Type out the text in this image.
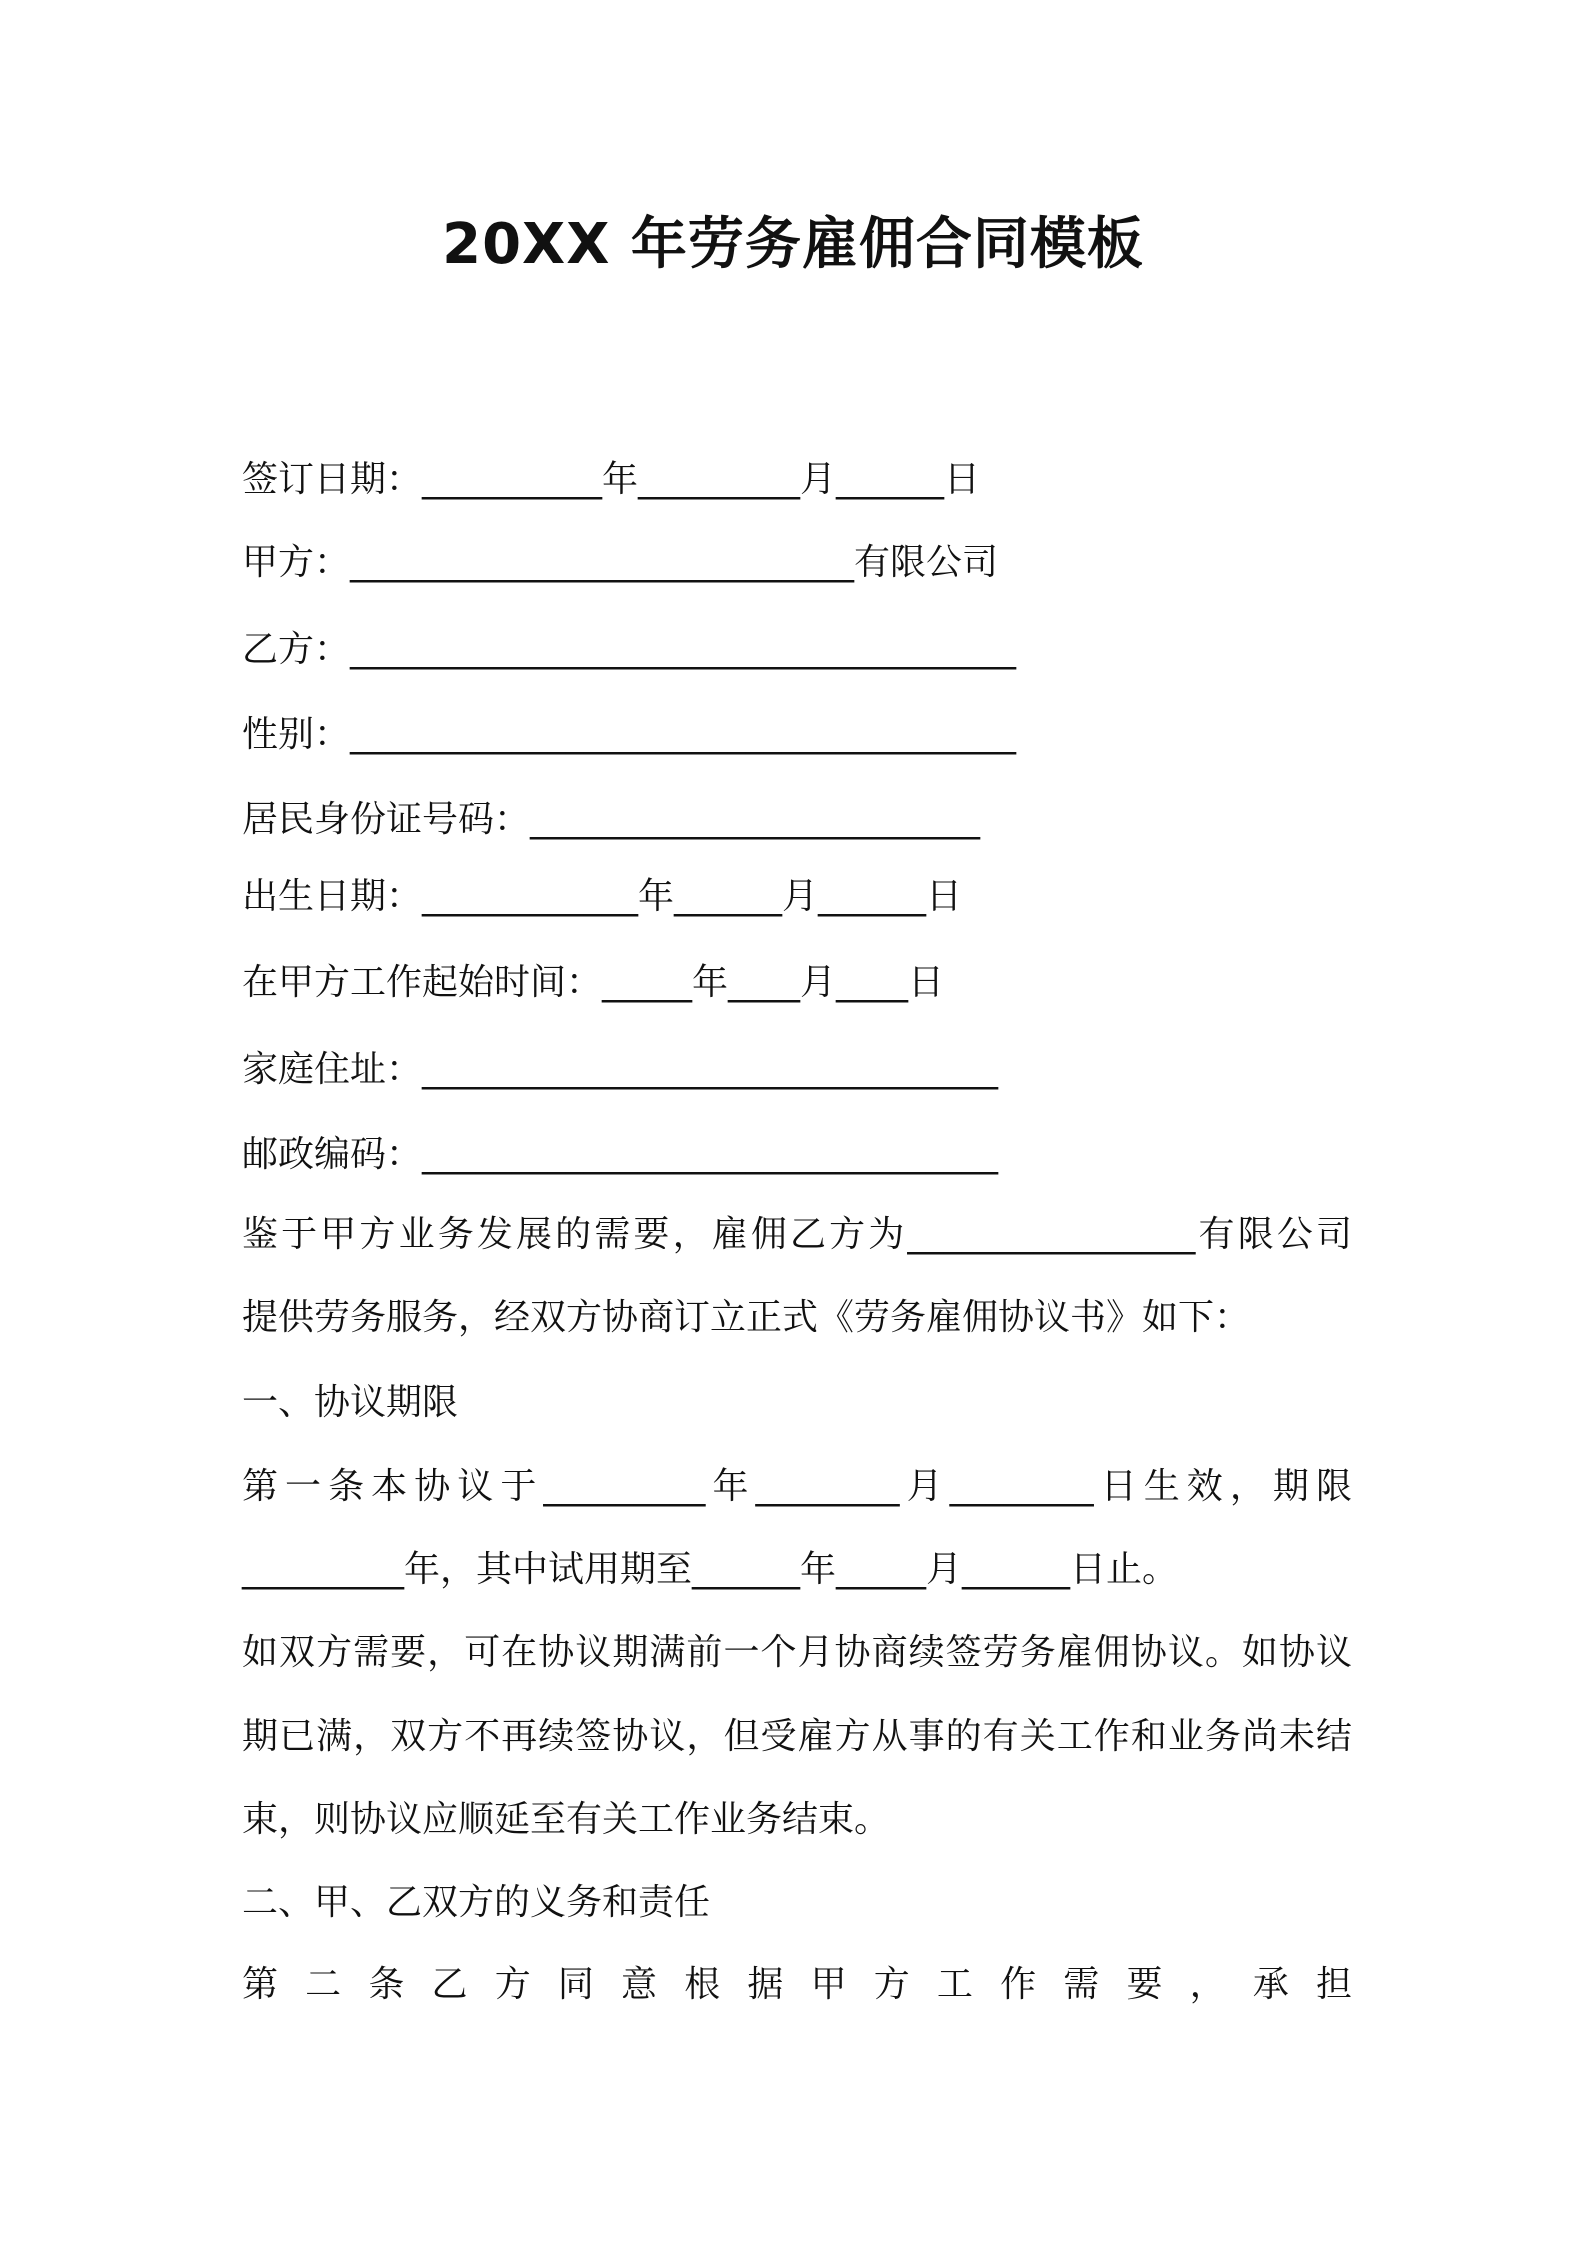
20XX 年劳务雇佣合同模板
签订日期：__________年_________月______日
甲方：____________________________有限公司
乙方：_____________________________________
性别：_____________________________________
居民身份证号码：_________________________
出生日期：____________年______月______日
在甲方工作起始时间：_____年____月____日
家庭住址：________________________________
邮政编码：________________________________
鉴于甲方业务发展的需要，雇佣乙方为________________有限公司
提供劳务服务，经双方协商订立正式《劳务雇佣协议书》如下：
一、协议期限
第一条本协议于_________年________月________日生效，期限
_________年，其中试用期至______年_____月______日止。
如双方需要，可在协议期满前一个月协商续签劳务雇佣协议。如协议
期已满，双方不再续签协议，但受雇方从事的有关工作和业务尚未结
束，则协议应顺延至有关工作业务结束。
二、甲、乙双方的义务和责任
第二条乙方同意根据甲方工作需要，承担
